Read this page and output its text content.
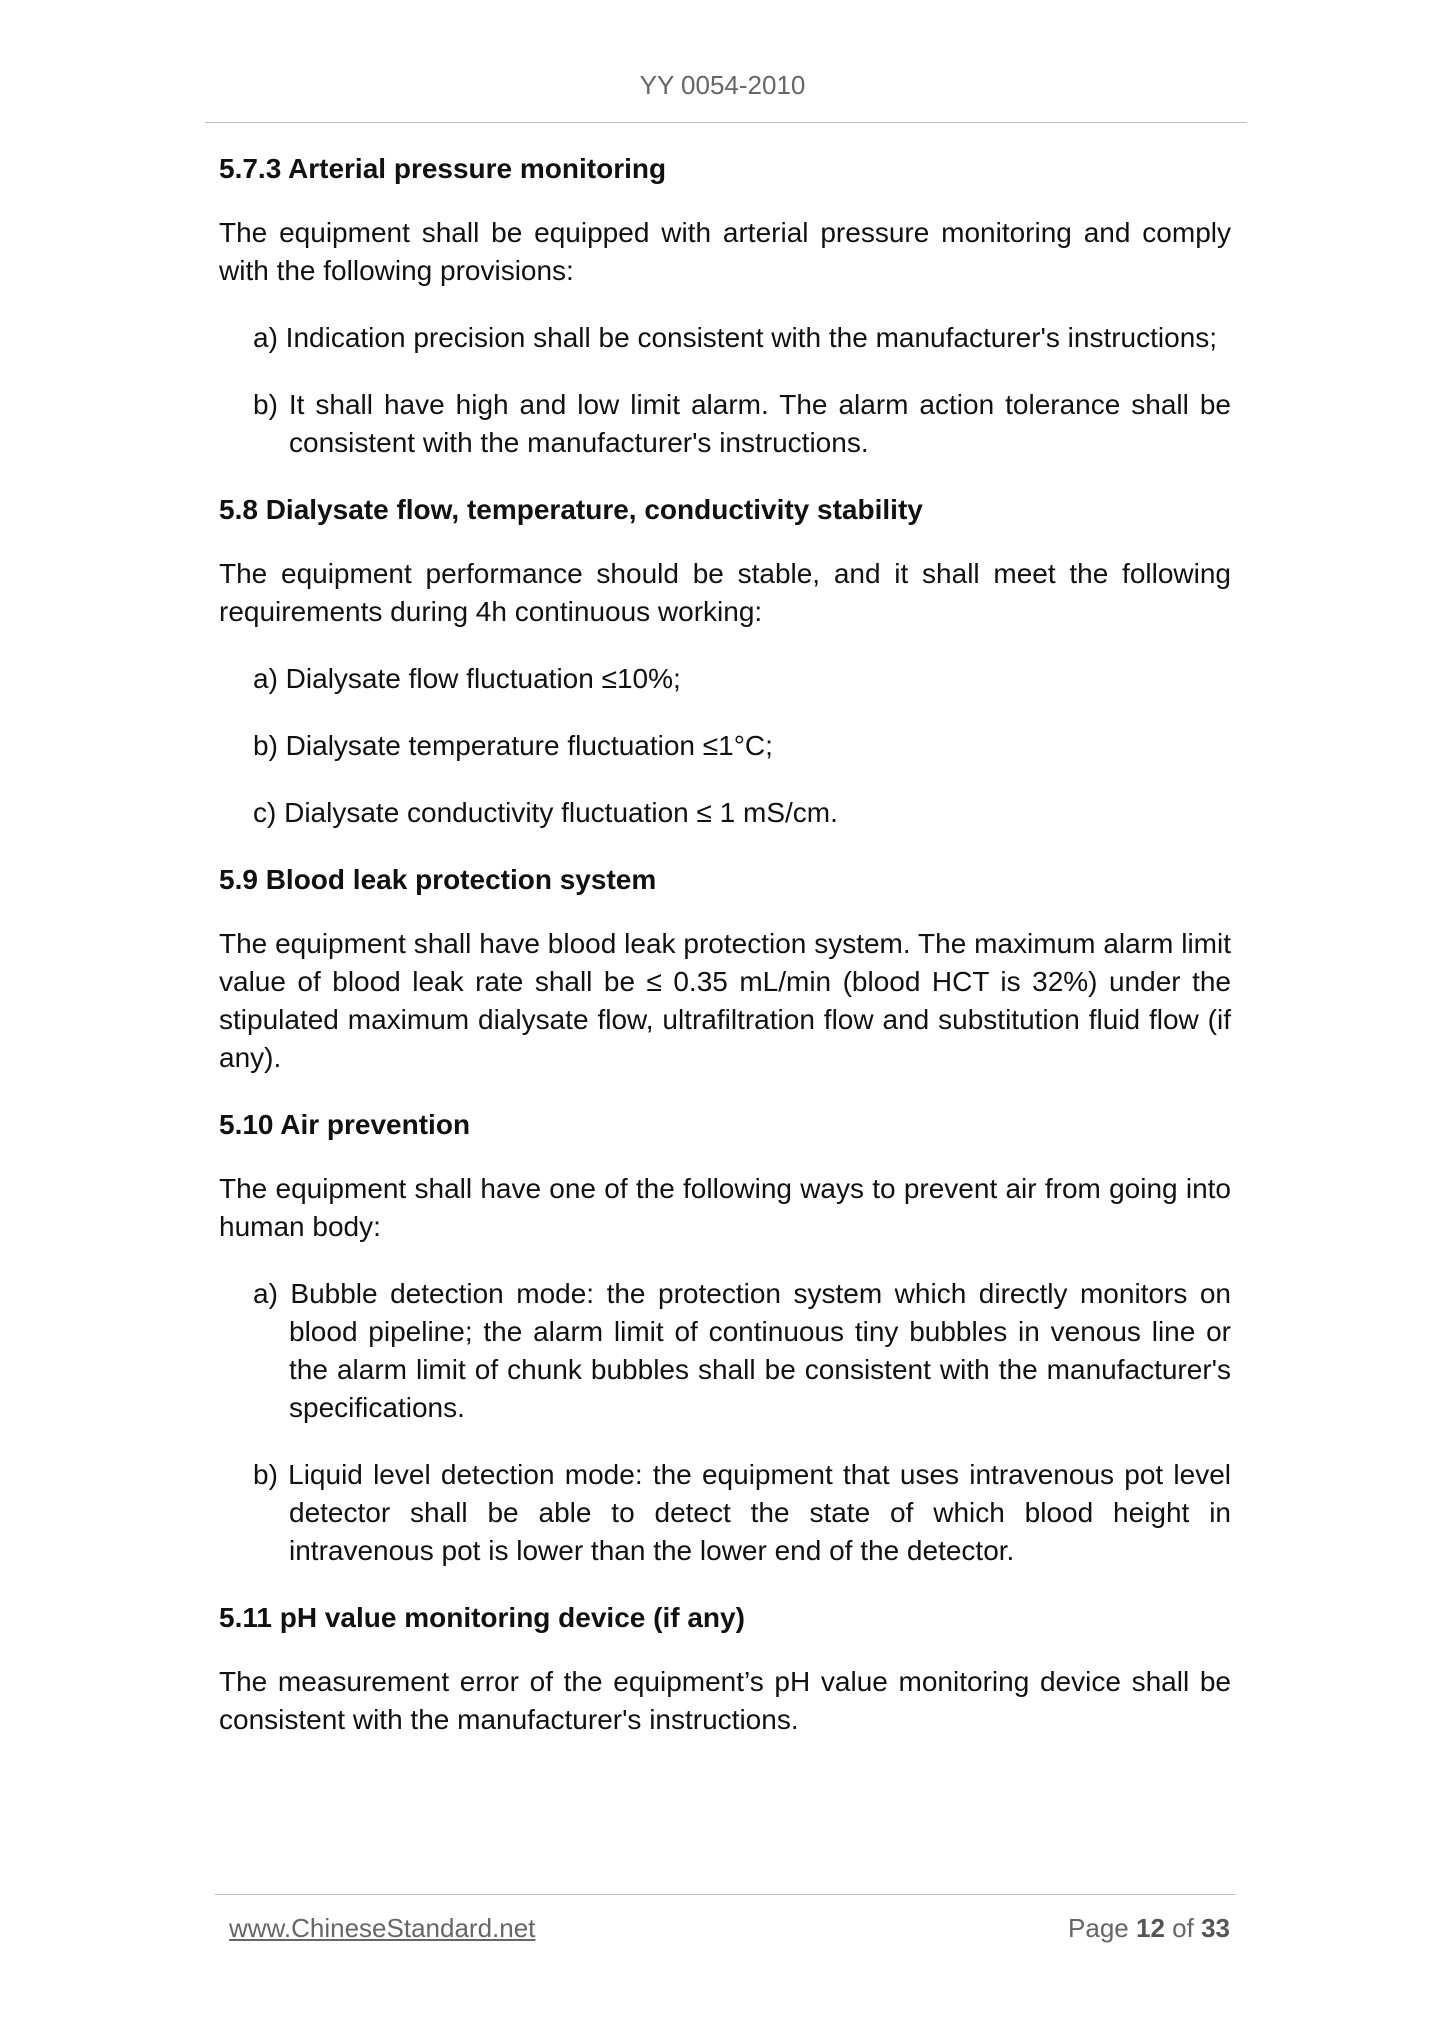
YY 0054-2010
5.7.3 Arterial pressure monitoring
The equipment shall be equipped with arterial pressure monitoring and comply with the following provisions:
a) Indication precision shall be consistent with the manufacturer's instructions;
b) It shall have high and low limit alarm. The alarm action tolerance shall be consistent with the manufacturer's instructions.
5.8 Dialysate flow, temperature, conductivity stability
The equipment performance should be stable, and it shall meet the following requirements during 4h continuous working:
a) Dialysate flow fluctuation ≤10%;
b) Dialysate temperature fluctuation ≤1°C;
c) Dialysate conductivity fluctuation ≤ 1 mS/cm.
5.9 Blood leak protection system
The equipment shall have blood leak protection system. The maximum alarm limit value of blood leak rate shall be ≤ 0.35 mL/min (blood HCT is 32%) under the stipulated maximum dialysate flow, ultrafiltration flow and substitution fluid flow (if any).
5.10 Air prevention
The equipment shall have one of the following ways to prevent air from going into human body:
a) Bubble detection mode: the protection system which directly monitors on blood pipeline; the alarm limit of continuous tiny bubbles in venous line or the alarm limit of chunk bubbles shall be consistent with the manufacturer's specifications.
b) Liquid level detection mode: the equipment that uses intravenous pot level detector shall be able to detect the state of which blood height in intravenous pot is lower than the lower end of the detector.
5.11 pH value monitoring device (if any)
The measurement error of the equipment’s pH value monitoring device shall be consistent with the manufacturer's instructions.
www.ChineseStandard.net	Page 12 of 33
